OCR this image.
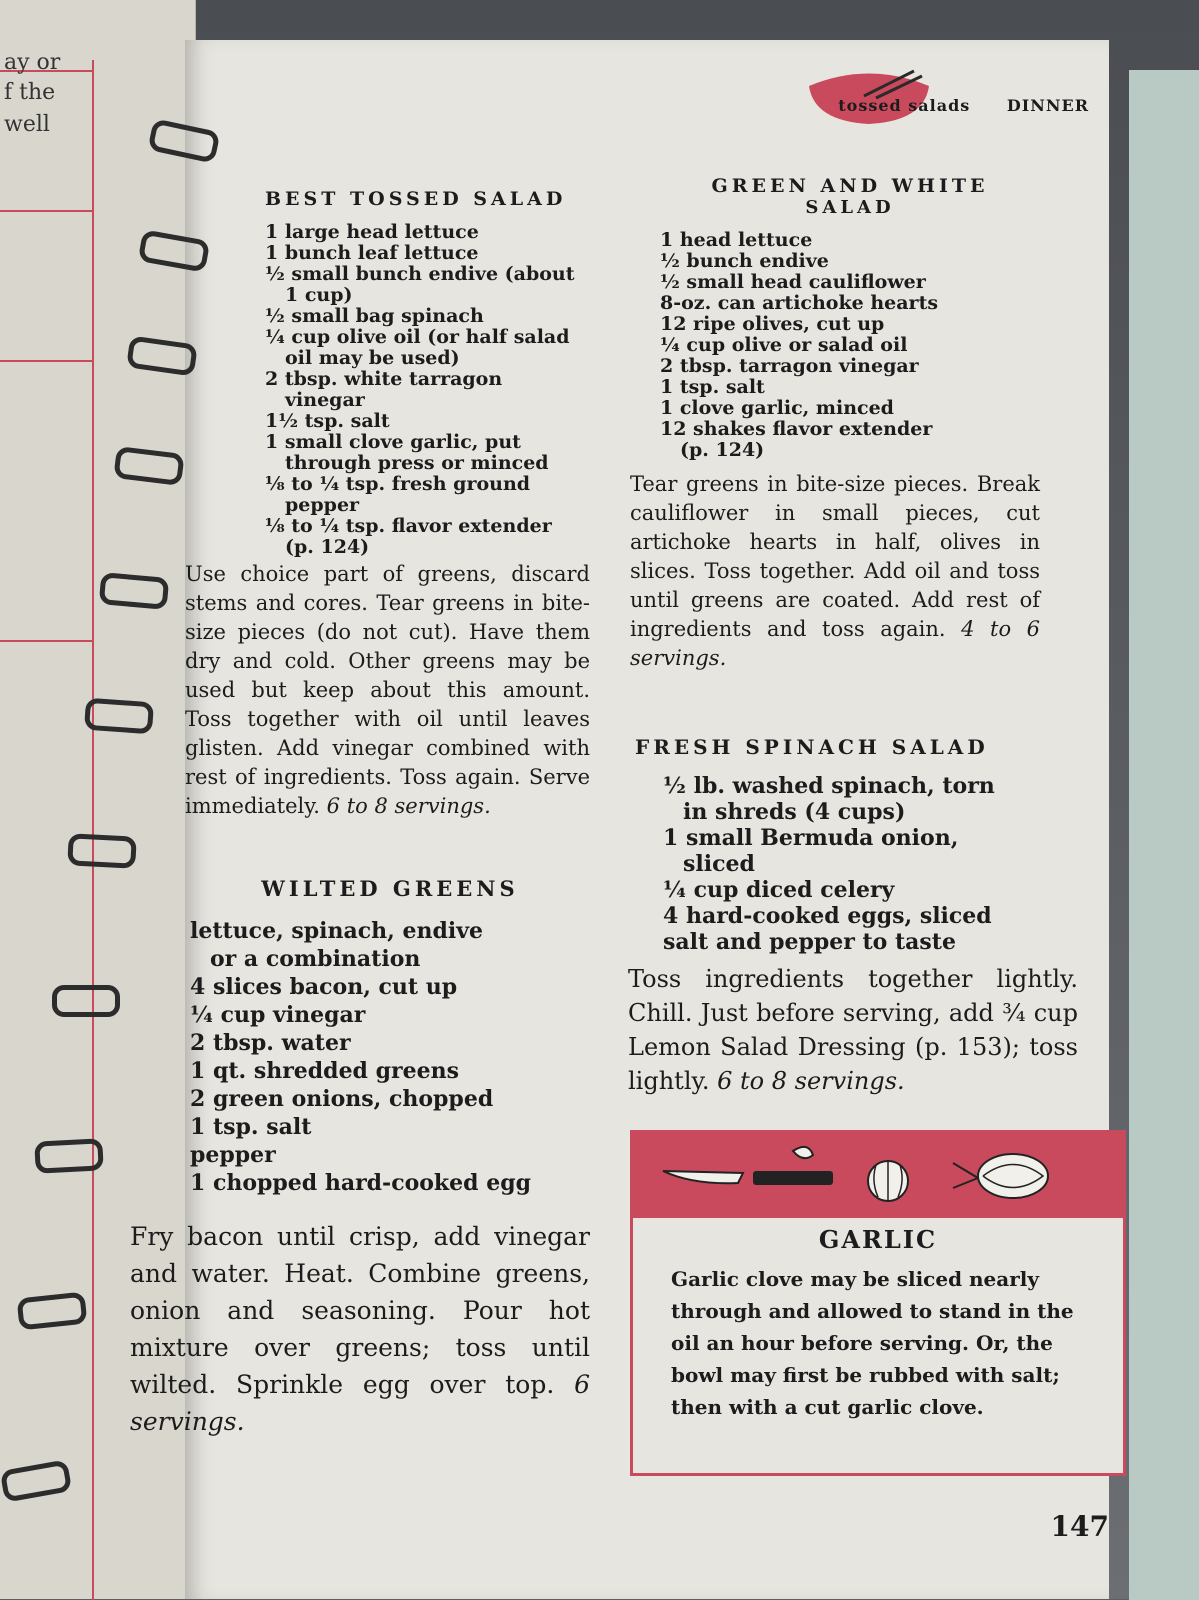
ay or
f the
well
tossed salads DINNER
BEST TOSSED SALAD
1 large head lettuce
1 bunch leaf lettuce
½ small bunch endive (about
1 cup)
½ small bag spinach
¼ cup olive oil (or half salad
oil may be used)
2 tbsp. white tarragon
vinegar
1½ tsp. salt
1 small clove garlic, put
through press or minced
⅛ to ¼ tsp. fresh ground
pepper
⅛ to ¼ tsp. flavor extender
(p. 124)

Use choice part of greens, discard stems and cores. Tear greens in bite-size pieces (do not cut). Have them dry and cold. Other greens may be used but keep about this amount. Toss together with oil until leaves glisten. Add vinegar combined with rest of ingredients. Toss again. Serve immediately. 6 to 8 servings.

WILTED GREENS
lettuce, spinach, endive
or a combination
4 slices bacon, cut up
¼ cup vinegar
2 tbsp. water
1 qt. shredded greens
2 green onions, chopped
1 tsp. salt
pepper
1 chopped hard-cooked egg

Fry bacon until crisp, add vinegar and water. Heat. Combine greens, onion and seasoning. Pour hot mixture over greens; toss until wilted. Sprinkle egg over top. 6 servings.

GREEN AND WHITE
SALAD
1 head lettuce
½ bunch endive
½ small head cauliflower
8-oz. can artichoke hearts
12 ripe olives, cut up
¼ cup olive or salad oil
2 tbsp. tarragon vinegar
1 tsp. salt
1 clove garlic, minced
12 shakes flavor extender
(p. 124)

Tear greens in bite-size pieces. Break cauliflower in small pieces, cut artichoke hearts in half, olives in slices. Toss together. Add oil and toss until greens are coated. Add rest of ingredients and toss again. 4 to 6 servings.

FRESH SPINACH SALAD
½ lb. washed spinach, torn
in shreds (4 cups)
1 small Bermuda onion,
sliced
¼ cup diced celery
4 hard-cooked eggs, sliced
salt and pepper to taste

Toss ingredients together lightly. Chill. Just before serving, add ¾ cup Lemon Salad Dressing (p. 153); toss lightly. 6 to 8 servings.

GARLIC
Garlic clove may be sliced nearly through and allowed to stand in the oil an hour before serving. Or, the bowl may first be rubbed with salt; then with a cut garlic clove.
147
